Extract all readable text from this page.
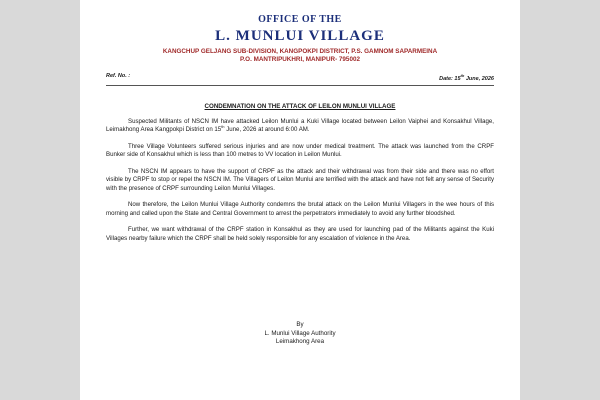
OFFICE OF THE
L. MUNLUI VILLAGE
KANGCHUP GELJANG SUB-DIVISION, KANGPOKPI DISTRICT, P.S. GAMNOM SAPARMEINA
P.O. MANTRIPUKHRI, MANIPUR- 795002
Ref. No. :	Date: 15th June, 2026
CONDEMNATION ON THE ATTACK OF LEILON MUNLUI VILLAGE

Suspected Militants of NSCN IM have attacked Leilon Munlui a Kuki Village located between Leilon Vaiphei and Konsakhul Village, Leimakhong Area Kangpokpi District on 15th June, 2026 at around 6:00 AM.

Three Village Volunteers suffered serious injuries and are now under medical treatment. The attack was launched from the CRPF Bunker side of Konsakhul which is less than 100 metres to VV location in Leilon Munlui.

The NSCN IM appears to have the support of CRPF as the attack and their withdrawal was from their side and there was no effort visible by CRPF to stop or repel the NSCN IM. The Villagers of Leilon Munlui are terrified with the attack and have not felt any sense of Security with the presence of CRPF surrounding Leilon Munlui Villages.

Now therefore, the Leilon Munlui Village Authority condemns the brutal attack on the Leilon Munlui Villagers in the wee hours of this morning and called upon the State and Central Government to arrest the perpetrators immediately to avoid any further bloodshed.

Further, we want withdrawal of the CRPF station in Konsakhul as they are used for launching pad of the Militants against the Kuki Villages nearby failure which the CRPF shall be held solely responsible for any escalation of violence in the Area.

By
L. Munlui Village Authority
Leimakhong Area
